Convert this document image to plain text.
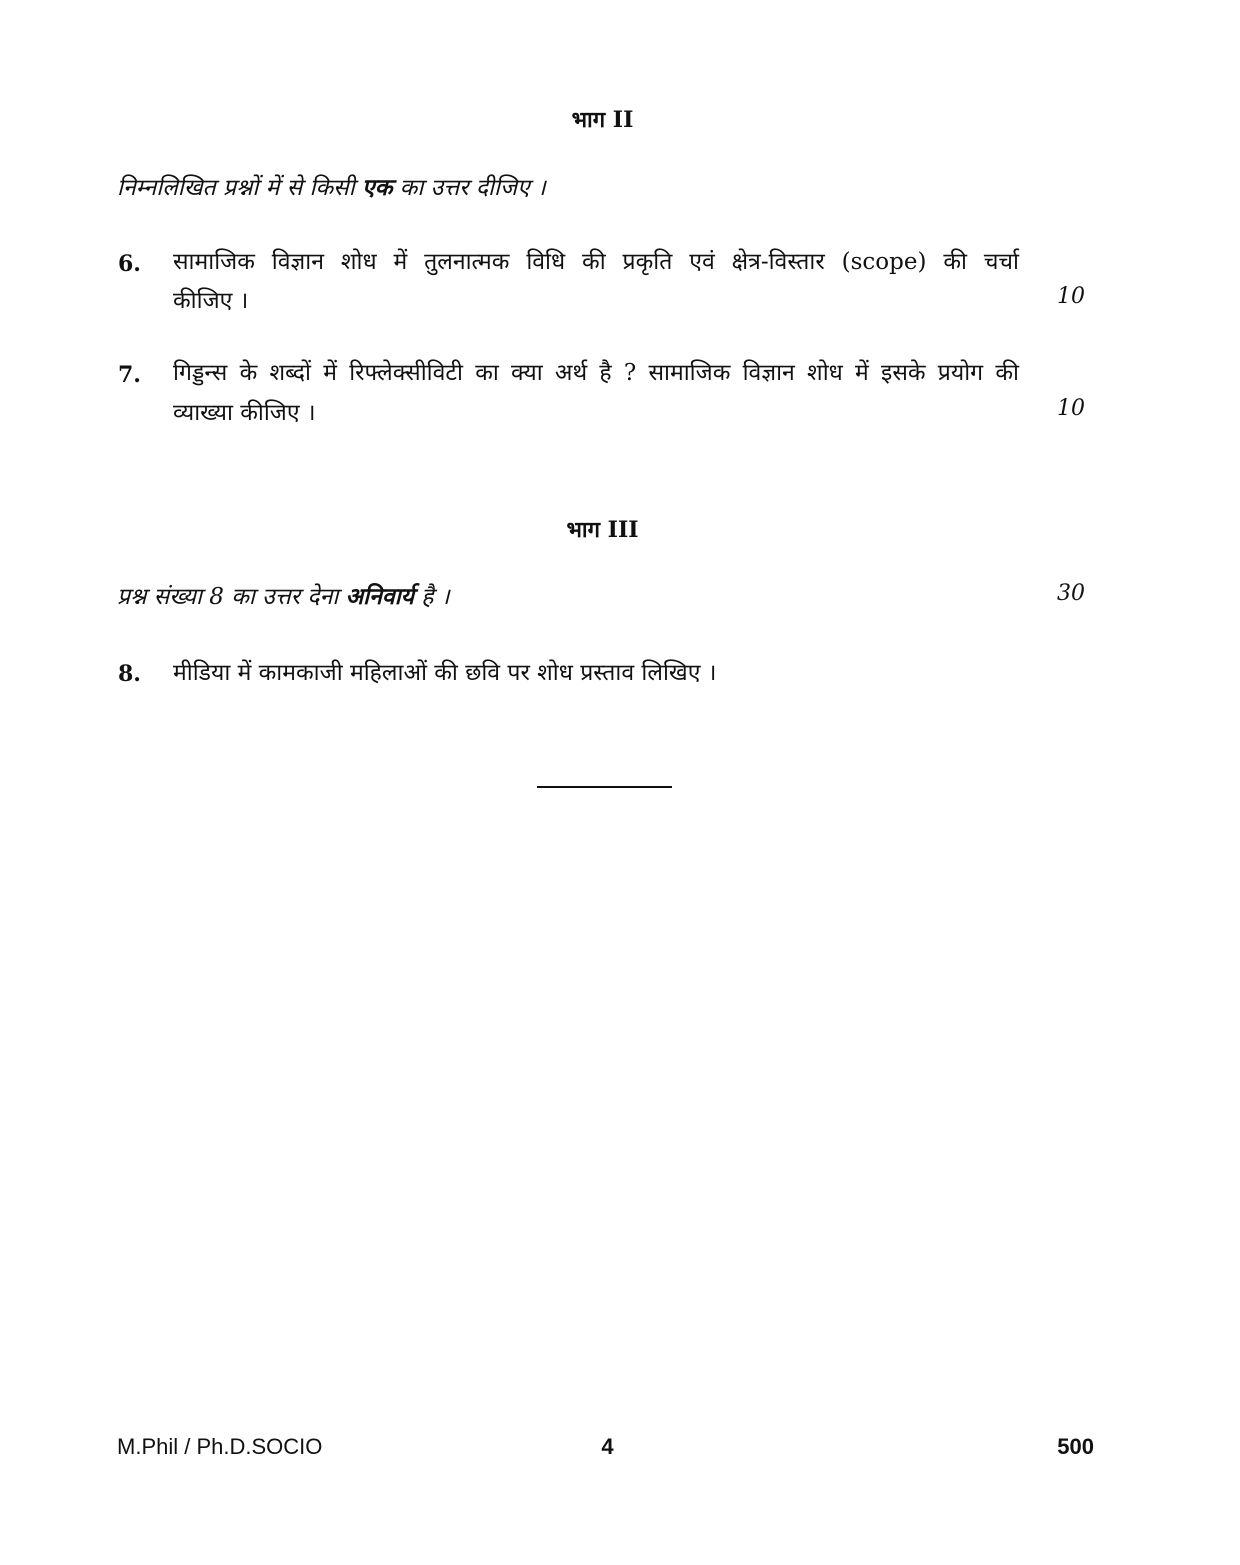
भाग II
निम्नलिखित प्रश्नों में से किसी एक का उत्तर दीजिए ।
6. सामाजिक विज्ञान शोध में तुलनात्मक विधि की प्रकृति एवं क्षेत्र-विस्तार (scope) की चर्चा
कीजिए ।	10
7. गिड्डन्स के शब्दों में रिफ्लेक्सीविटी का क्या अर्थ है ? सामाजिक विज्ञान शोध में इसके प्रयोग की
व्याख्या कीजिए ।	10
भाग III
प्रश्न संख्या 8 का उत्तर देना अनिवार्य है ।	30
8. मीडिया में कामकाजी महिलाओं की छवि पर शोध प्रस्ताव लिखिए ।
M.Phil / Ph.D.SOCIO	4	500
